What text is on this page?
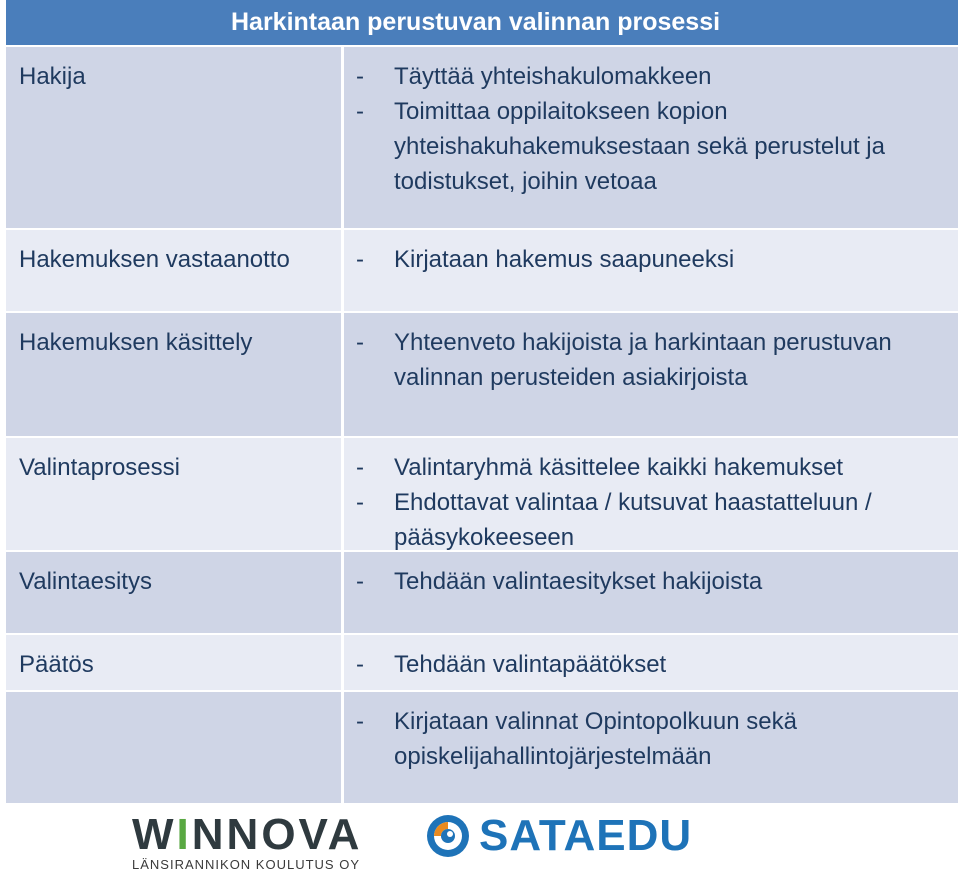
Harkintaan perustuvan valinnan prosessi
Hakija	-	Täyttää yhteishakulomakkeen
-	Toimittaa oppilaitokseen kopion yhteishakuhakemuksestaan sekä perustelut ja todistukset, joihin vetoaa
Hakemuksen vastaanotto	-	Kirjataan hakemus saapuneeksi
Hakemuksen käsittely	-	Yhteenveto hakijoista ja harkintaan perustuvan valinnan perusteiden asiakirjoista
Valintaprosessi	-	Valintaryhmä käsittelee kaikki hakemukset
-	Ehdottavat valintaa / kutsuvat haastatteluun / pääsykokeeseen
Valintaesitys	-	Tehdään valintaesitykset hakijoista
Päätös	-	Tehdään valintapäätökset
-	Kirjataan valinnat Opintopolkuun sekä opiskelijahallintojärjestelmään
W I NNOVA
LÄNSIRANNIKON KOULUTUS OY
SATAEDU
